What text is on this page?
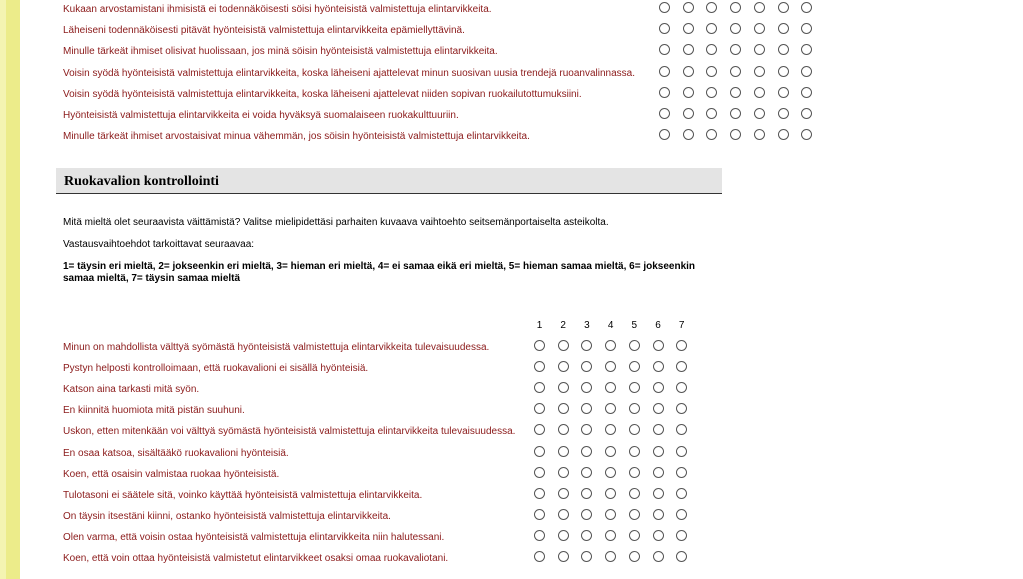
Kukaan arvostamistani ihmisistä ei todennäköisesti söisi hyönteisistä valmistettuja elintarvikkeita.
Läheiseni todennäköisesti pitävät hyönteisistä valmistettuja elintarvikkeita epämiellyttävinä.
Minulle tärkeät ihmiset olisivat huolissaan, jos minä söisin hyönteisistä valmistettuja elintarvikkeita.
Voisin syödä hyönteisistä valmistettuja elintarvikkeita, koska läheiseni ajattelevat minun suosivan uusia trendejä ruoanvalinnassa.
Voisin syödä hyönteisistä valmistettuja elintarvikkeita, koska läheiseni ajattelevat niiden sopivan ruokailutottumuksiini.
Hyönteisistä valmistettuja elintarvikkeita ei voida hyväksyä suomalaiseen ruokakulttuuriin.
Minulle tärkeät ihmiset arvostaisivat minua vähemmän, jos söisin hyönteisistä valmistettuja elintarvikkeita.
Ruokavalion kontrollointi
Mitä mieltä olet seuraavista väittämistä? Valitse mielipidettäsi parhaiten kuvaava vaihtoehto seitsemänportaiselta asteikolta.
Vastausvaihtoehdot tarkoittavat seuraavaa:
1= täysin eri mieltä, 2= jokseenkin eri mieltä, 3= hieman eri mieltä, 4= ei samaa eikä eri mieltä, 5= hieman samaa mieltä, 6= jokseenkin samaa mieltä, 7= täysin samaa mieltä
1	2	3	4	5	6	7
Minun on mahdollista välttyä syömästä hyönteisistä valmistettuja elintarvikkeita tulevaisuudessa.
Pystyn helposti kontrolloimaan, että ruokavalioni ei sisällä hyönteisiä.
Katson aina tarkasti mitä syön.
En kiinnitä huomiota mitä pistän suuhuni.
Uskon, etten mitenkään voi välttyä syömästä hyönteisistä valmistettuja elintarvikkeita tulevaisuudessa.
En osaa katsoa, sisältääkö ruokavalioni hyönteisiä.
Koen, että osaisin valmistaa ruokaa hyönteisistä.
Tulotasoni ei säätele sitä, voinko käyttää hyönteisistä valmistettuja elintarvikkeita.
On täysin itsestäni kiinni, ostanko hyönteisistä valmistettuja elintarvikkeita.
Olen varma, että voisin ostaa hyönteisistä valmistettuja elintarvikkeita niin halutessani.
Koen, että voin ottaa hyönteisistä valmistetut elintarvikkeet osaksi omaa ruokavaliotani.
